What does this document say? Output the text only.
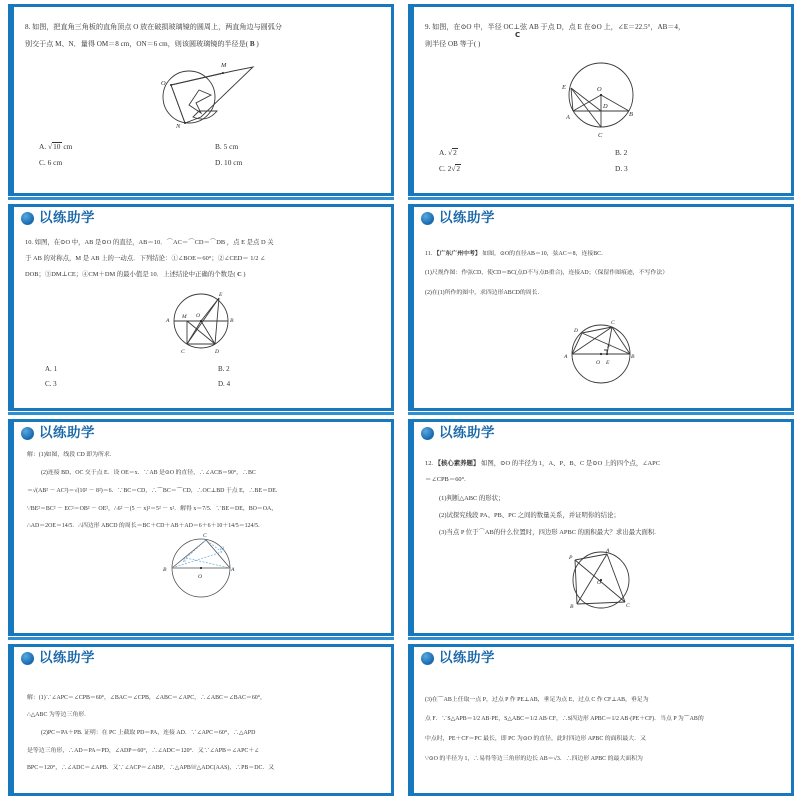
8. 如图，把直角三角板的直角顶点 O 放在破损玻璃镜的圆周上，两直角边与圆弧分
别交于点 M、N．量得 OM＝8 cm，ON＝6 cm，则该圆玻璃镜的半径是( B )
O
M
N
A. √10 cm	B. 5 cm
C. 6 cm	D. 10 cm
9. 如图，在⊙O 中，半径 OC⊥弦 AB 于点 D，点 E 在⊙O 上，∠E＝22.5°，AB＝4，
则半径 OB 等于( )
C
O
E
D
A
C
B
A. √2	B. 2
C. 2√2	D. 3
以练助学
10. 如图，在⊙O 中，AB 是⊙O 的直径，AB＝10．⌒AC＝⌒CD＝⌒DB ，点 E 是点 D 关
于 AB 的对称点，M 是 AB 上的一动点．下列结论：①∠BOE＝60°；②∠CED＝ 1/2 ∠
DOB；③DM⊥CE；④CM＋DM 的最小值是 10．上述结论中正确的个数是( C )
A
M O
B
E
C	D
A. 1	B. 2
C. 3	D. 4
以练助学
11. 【广东广州中考】 如图，⊙O的直径AB＝10，弦AC＝8，连接BC．
(1)尺规作图：作弦CD，使CD＝BC(点D不与点B重合)，连接AD；（保留作图痕迹，不写作法）
(2)在(1)所作的图中，求四边形ABCD的周长.
D
C
F
A
O E
B
以练助学
解：(1)如图，线段 CD 即为所求.
(2)连接 BD、OC 交于点 E．设 OE＝x．∵AB 是⊙O 的直径，∴∠ACB＝90°，∴BC
＝√(AB² － AC²)＝√(10² － 8²)＝6．∵BC＝CD，∴⌒BC＝⌒CD，∴OC⊥BD 于点 E，∴BE＝DE．
∵BE²＝BC² － EC²＝OB² － OE²，∴6² －(5 － x)²＝5² － x²．解得 x＝7/5．∵BE＝DE，BO＝OA，
∴AD＝2OE＝14/5．∴四边形 ABCD 的周长＝BC＋CD＋AB＋AD＝6＋6＋10＋14/5＝124/5．
C
E
D
B
O
A
以练助学
12. 【核心素养题】 如图，⊙O 的半径为 1，A、P、B、C 是⊙O 上的四个点，∠APC
＝∠CPB＝60°.
(1)判断△ABC 的形状；
(2)试探究线段 PA、PB、PC 之间的数量关系，并证明你的结论；
(3)当点 P 位于⌒AB的什么位置时，四边形 APBC 的面积最大？求出最大面积.
P
A
O
B	C
以练助学
解：(1)∵∠APC＝∠CPB＝60°，∠BAC＝∠CPB，∠ABC＝∠APC，∴∠ABC＝∠BAC＝60°，
∴△ABC 为等边三角形.
(2)PC＝PA＋PB. 证明：在 PC 上截取 PD＝PA，连接 AD．∵∠APC＝60°，∴△APD
是等边三角形，∴AD＝PA＝PD，∠ADP＝60°，∴∠ADC＝120°．又∵∠APB＝∠APC＋∠
BPC＝120°，∴∠ADC＝∠APB．又∵∠ACP＝∠ABP，∴△APB≌△ADC(AAS)，∴PB＝DC．又
以练助学
(3)在⌒AB上任取一点 P，过点 P 作 PE⊥AB，垂足为点 E，过点 C 作 CF⊥AB，垂足为
点 F．∵S△APB＝1/2 AB·PE，S△ABC＝1/2 AB·CF，∴S四边形 APBC＝1/2 AB·(PE＋CF)．当点 P 为⌒AB的
中点时，PE＋CF＝PC 最长，即 PC 为⊙O 的直径，此时四边形 APBC 的面积最大．又
∵⊙O 的半径为 1，∴易得等边三角形的边长 AB＝√3．∴四边形 APBC 的最大面积为
